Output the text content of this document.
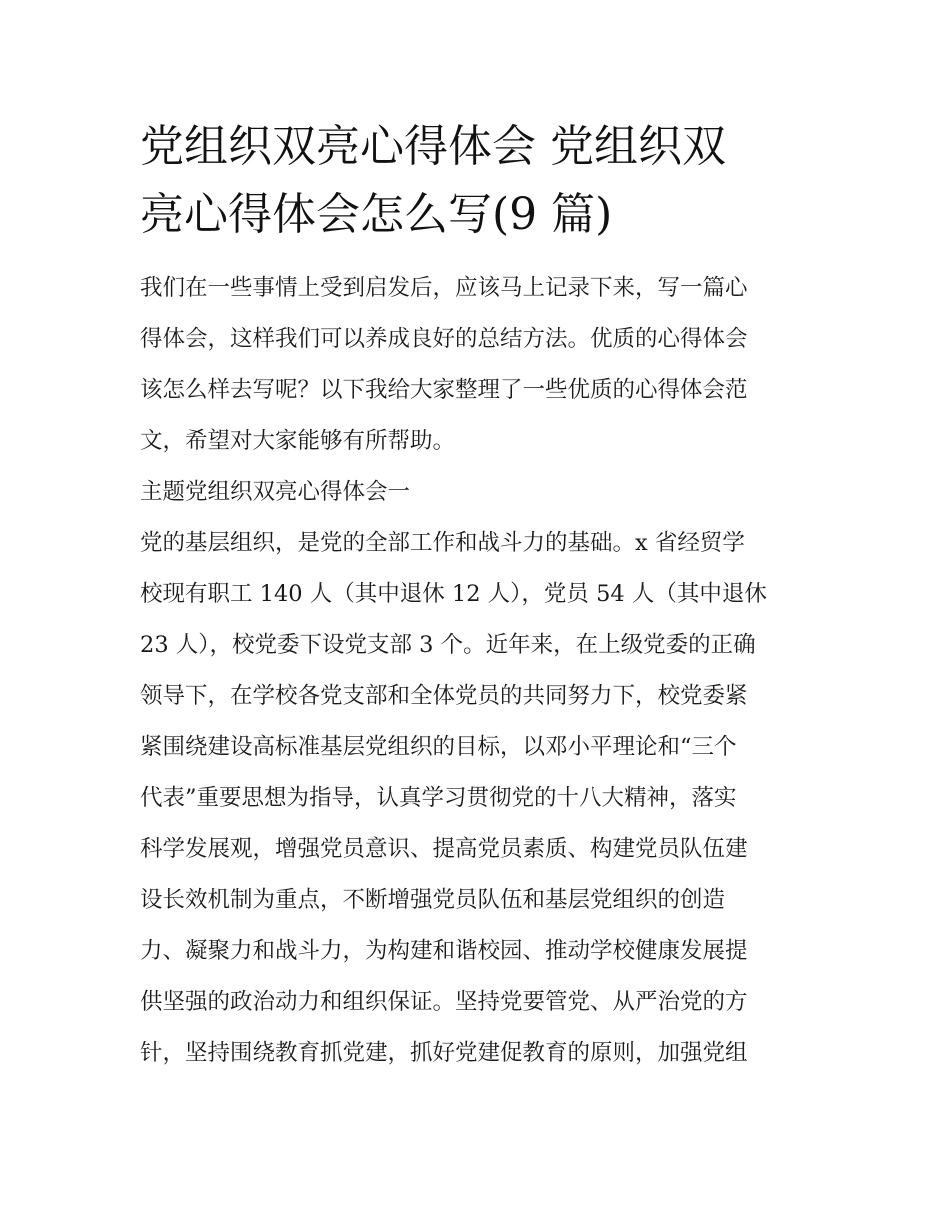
党组织双亮心得体会 党组织双
亮心得体会怎么写(9 篇)

我们在一些事情上受到启发后，应该马上记录下来，写一篇心
得体会，这样我们可以养成良好的总结方法。优质的心得体会
该怎么样去写呢？以下我给大家整理了一些优质的心得体会范
文，希望对大家能够有所帮助。

主题党组织双亮心得体会一

党的基层组织，是党的全部工作和战斗力的基础。x 省经贸学
校现有职工 140 人（其中退休 12 人），党员 54 人（其中退休
23 人），校党委下设党支部 3 个。近年来，在上级党委的正确
领导下，在学校各党支部和全体党员的共同努力下，校党委紧
紧围绕建设高标准基层党组织的目标，以邓小平理论和“三个
代表”重要思想为指导，认真学习贯彻党的十八大精神，落实
科学发展观，增强党员意识、提高党员素质、构建党员队伍建
设长效机制为重点，不断增强党员队伍和基层党组织的创造
力、凝聚力和战斗力，为构建和谐校园、推动学校健康发展提
供坚强的政治动力和组织保证。坚持党要管党、从严治党的方
针，坚持围绕教育抓党建，抓好党建促教育的原则，加强党组
